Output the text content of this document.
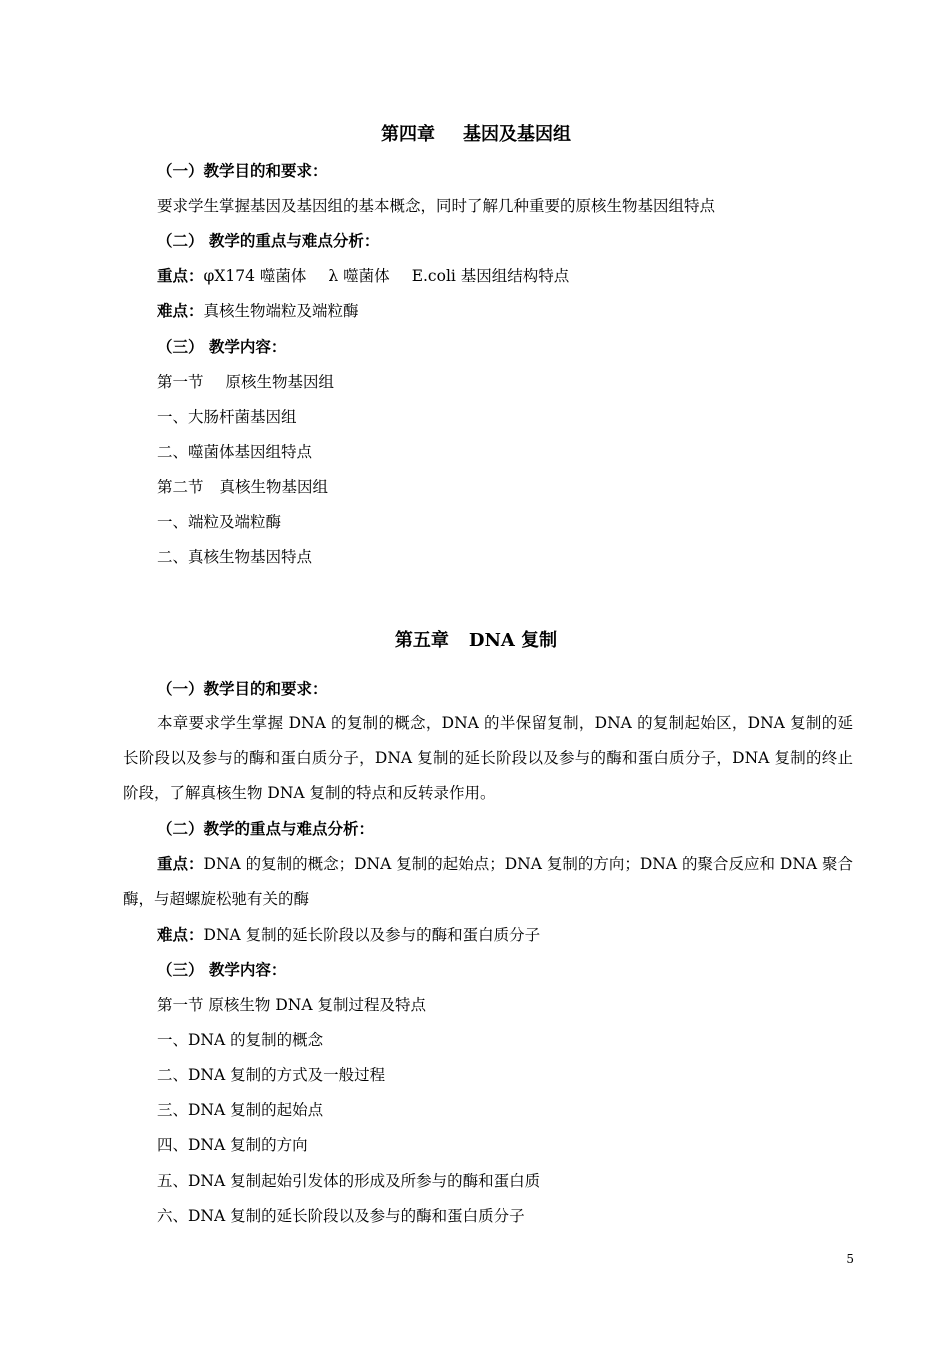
第四章 基因及基因组
（一）教学目的和要求：
要求学生掌握基因及基因组的基本概念，同时了解几种重要的原核生物基因组特点
（二） 教学的重点与难点分析：
重点：φX174 噬菌体 λ 噬菌体 E.coli 基因组结构特点
难点：真核生物端粒及端粒酶
（三） 教学内容：
第一节 原核生物基因组
一、大肠杆菌基因组
二、噬菌体基因组特点
第二节 真核生物基因组
一、端粒及端粒酶
二、真核生物基因特点
第五章 DNA 复制
（一）教学目的和要求：
本章要求学生掌握 DNA 的复制的概念，DNA 的半保留复制，DNA 的复制起始区，DNA 复制的延长阶段以及参与的酶和蛋白质分子，DNA 复制的延长阶段以及参与的酶和蛋白质分子，DNA 复制的终止阶段，了解真核生物 DNA 复制的特点和反转录作用。
（二）教学的重点与难点分析：
重点：DNA 的复制的概念；DNA 复制的起始点；DNA 复制的方向；DNA 的聚合反应和 DNA 聚合酶，与超螺旋松驰有关的酶
难点：DNA 复制的延长阶段以及参与的酶和蛋白质分子
（三） 教学内容：
第一节 原核生物 DNA 复制过程及特点
一、DNA 的复制的概念
二、DNA 复制的方式及一般过程
三、DNA 复制的起始点
四、DNA 复制的方向
五、DNA 复制起始引发体的形成及所参与的酶和蛋白质
六、DNA 复制的延长阶段以及参与的酶和蛋白质分子
5
